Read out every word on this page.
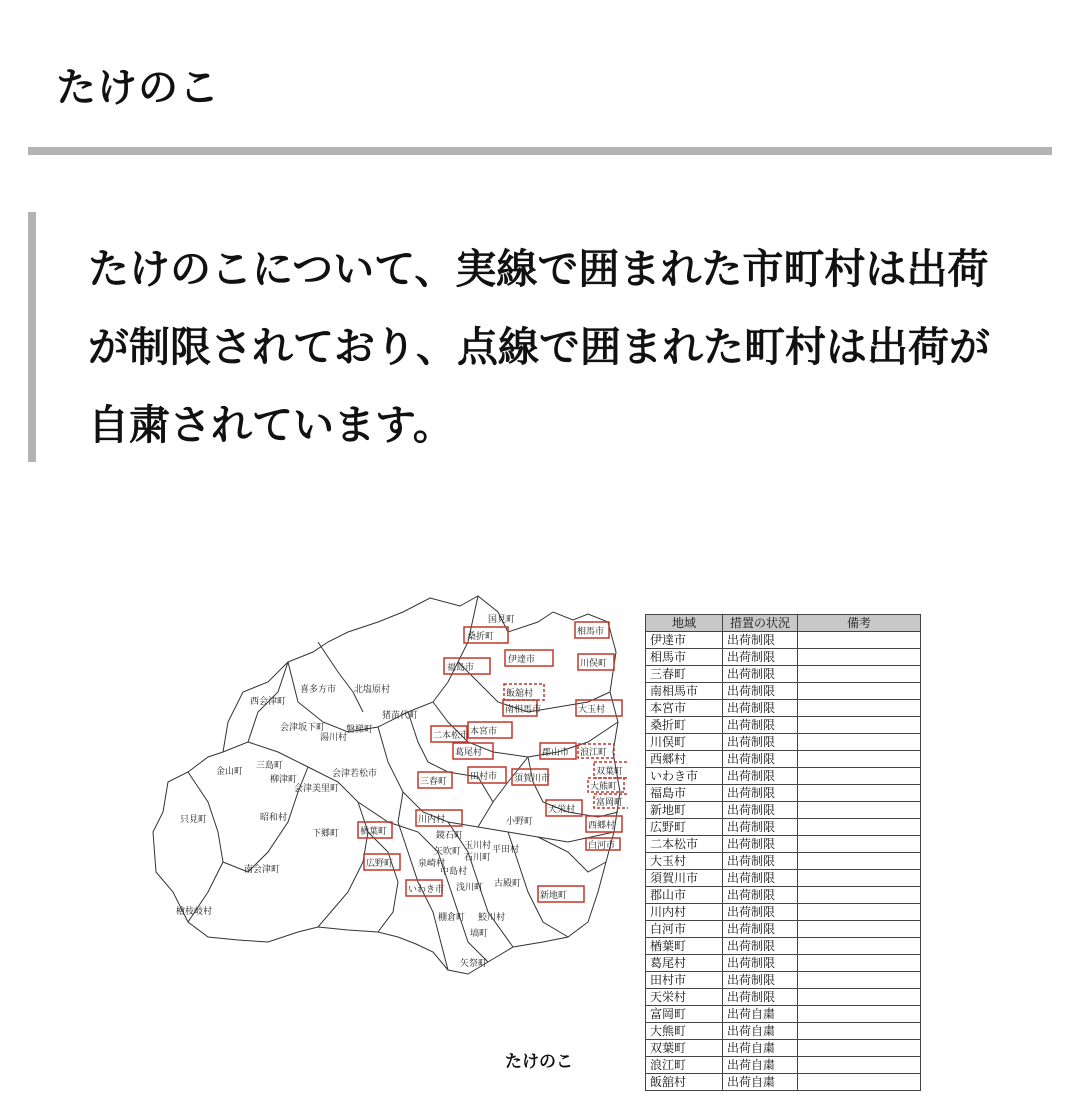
たけのこ

たけのこについて、実線で囲まれた市町村は出荷が制限されており、点線で囲まれた町村は出荷が自粛されています。

桑折町	相馬市
福島市
伊達市	川俣町
南相馬市	大玉村
二本松市 本宮市
葛尾村	郡山市
三春町	田村市 須賀川市
川内村
天栄村
楢葉町
西郷村
広野町
白河市
いわき市
新地町
飯舘村
浪江町
双葉町
大熊町
富岡町
国見町
喜多方市 北塩原村
西会津町
猪苗代町
会津坂下町 磐梯町
湯川村
金山町
三島町
柳津町
会津若松市
会津美里町
只見町	昭和村
下郷町	鏡石町
矢吹町
泉崎村
中島村
玉川村 平田村
石川町
小野町
浅川町 古殿町
南会津町
棚倉町 鮫川村
檜枝岐村
塙町
矢祭町
たけのこ
地域	措置の状況	備考
伊達市	出荷制限	
相馬市	出荷制限	
三春町	出荷制限	
南相馬市	出荷制限	
本宮市	出荷制限	
桑折町	出荷制限	
川俣町	出荷制限	
西郷村	出荷制限	
いわき市	出荷制限	
福島市	出荷制限	
新地町	出荷制限	
広野町	出荷制限	
二本松市	出荷制限	
大玉村	出荷制限	
須賀川市	出荷制限	
郡山市	出荷制限	
川内村	出荷制限	
白河市	出荷制限	
楢葉町	出荷制限	
葛尾村	出荷制限	
田村市	出荷制限	
天栄村	出荷制限	
富岡町	出荷自粛	
大熊町	出荷自粛	
双葉町	出荷自粛	
浪江町	出荷自粛	
飯舘村	出荷自粛	
